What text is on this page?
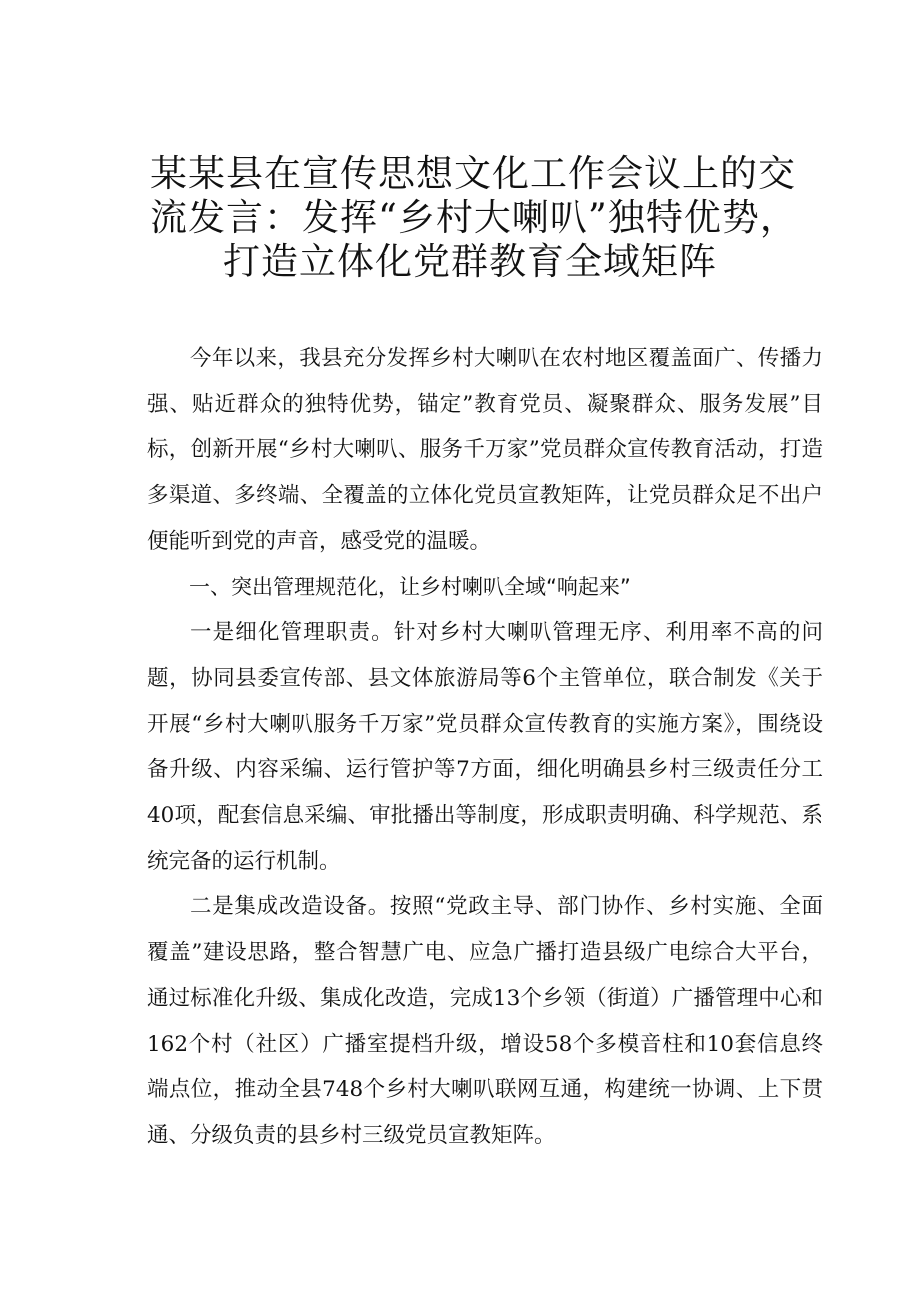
某某县在宣传思想文化工作会议上的交
流发言：发挥“乡村大喇叭”独特优势，
打造立体化党群教育全域矩阵

今年以来，我县充分发挥乡村大喇叭在农村地区覆盖面广、传播力强、贴近群众的独特优势，锚定”教育党员、凝聚群众、服务发展”目标，创新开展“乡村大喇叭、服务千万家”党员群众宣传教育活动，打造多渠道、多终端、全覆盖的立体化党员宣教矩阵，让党员群众足不出户便能听到党的声音，感受党的温暖。

一、突出管理规范化，让乡村喇叭全域“响起来”

一是细化管理职责。针对乡村大喇叭管理无序、利用率不高的问题，协同县委宣传部、县文体旅游局等6个主管单位，联合制发《关于开展“乡村大喇叭服务千万家”党员群众宣传教育的实施方案》，围绕设备升级、内容采编、运行管护等7方面，细化明确县乡村三级责任分工40项，配套信息采编、审批播出等制度，形成职责明确、科学规范、系统完备的运行机制。

二是集成改造设备。按照“党政主导、部门协作、乡村实施、全面覆盖”建设思路，整合智慧广电、应急广播打造县级广电综合大平台，通过标准化升级、集成化改造，完成13个乡领（街道）广播管理中心和162个村（社区）广播室提档升级，增设58个多模音柱和10套信息终端点位，推动全县748个乡村大喇叭联网互通，构建统一协调、上下贯通、分级负责的县乡村三级党员宣教矩阵。
